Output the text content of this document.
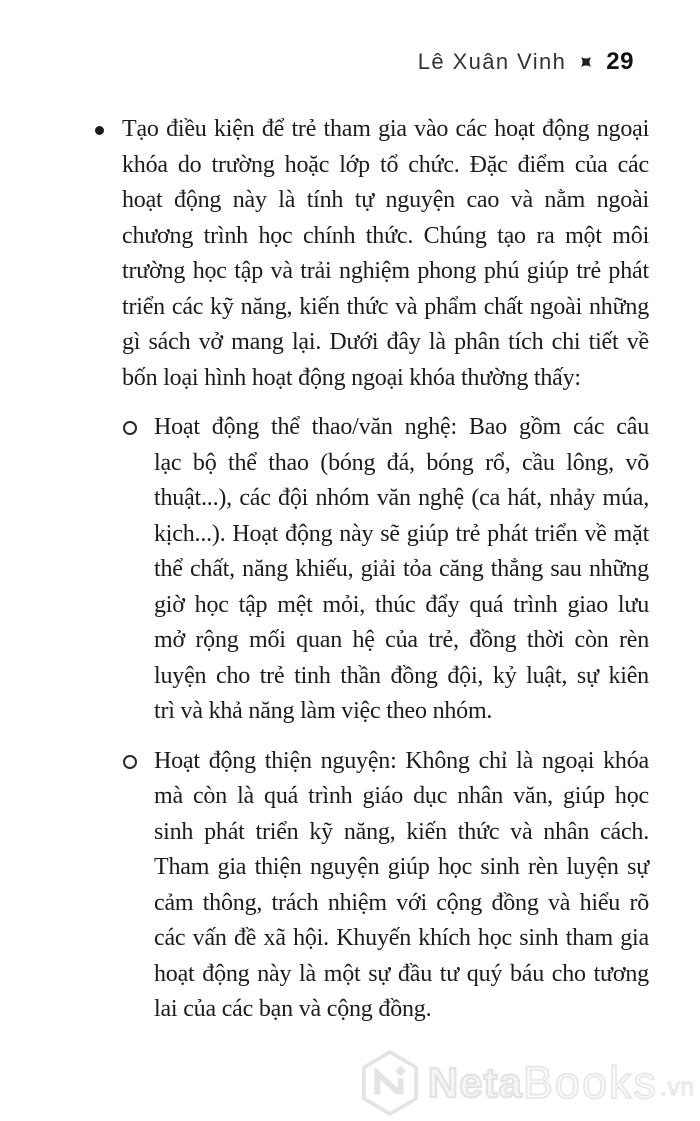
Lê Xuân Vinh 29
Tạo điều kiện để trẻ tham gia vào các hoạt động ngoại
khóa do trường hoặc lớp tổ chức. Đặc điểm của các
hoạt động này là tính tự nguyện cao và nằm ngoài
chương trình học chính thức. Chúng tạo ra một môi
trường học tập và trải nghiệm phong phú giúp trẻ phát
triển các kỹ năng, kiến thức và phẩm chất ngoài những
gì sách vở mang lại. Dưới đây là phân tích chi tiết về
bốn loại hình hoạt động ngoại khóa thường thấy:
Hoạt động thể thao/văn nghệ: Bao gồm các câu
lạc bộ thể thao (bóng đá, bóng rổ, cầu lông, võ
thuật...), các đội nhóm văn nghệ (ca hát, nhảy múa,
kịch...). Hoạt động này sẽ giúp trẻ phát triển về mặt
thể chất, năng khiếu, giải tỏa căng thẳng sau những
giờ học tập mệt mỏi, thúc đẩy quá trình giao lưu
mở rộng mối quan hệ của trẻ, đồng thời còn rèn
luyện cho trẻ tinh thần đồng đội, kỷ luật, sự kiên
trì và khả năng làm việc theo nhóm.
Hoạt động thiện nguyện: Không chỉ là ngoại khóa
mà còn là quá trình giáo dục nhân văn, giúp học
sinh phát triển kỹ năng, kiến thức và nhân cách.
Tham gia thiện nguyện giúp học sinh rèn luyện sự
cảm thông, trách nhiệm với cộng đồng và hiểu rõ
các vấn đề xã hội. Khuyến khích học sinh tham gia
hoạt động này là một sự đầu tư quý báu cho tương
lai của các bạn và cộng đồng.
Neta Books .vn
